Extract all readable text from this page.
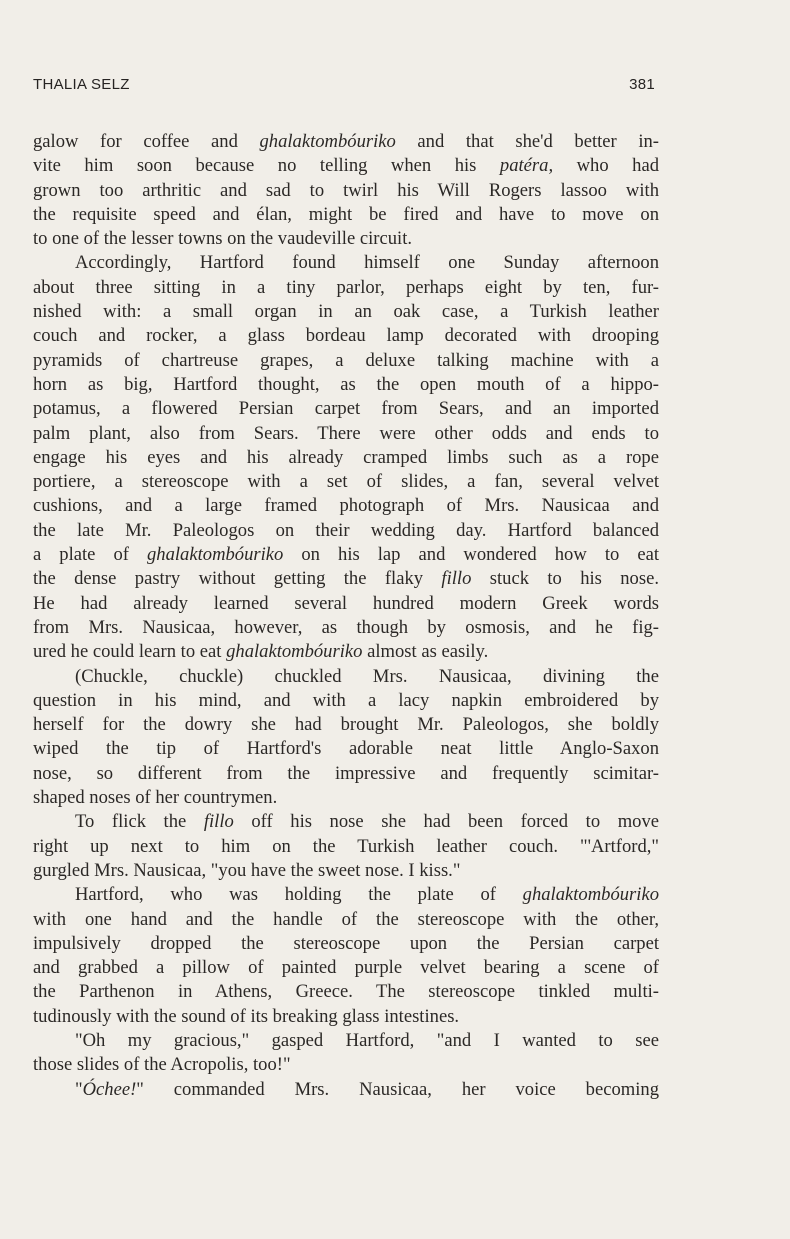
THALIA SELZ	381

galow for coffee and ghalaktombóuriko and that she'd better in-
vite him soon because no telling when his patéra, who had
grown too arthritic and sad to twirl his Will Rogers lassoo with
the requisite speed and élan, might be fired and have to move on
to one of the lesser towns on the vaudeville circuit.

Accordingly, Hartford found himself one Sunday afternoon
about three sitting in a tiny parlor, perhaps eight by ten, fur-
nished with: a small organ in an oak case, a Turkish leather
couch and rocker, a glass bordeau lamp decorated with drooping
pyramids of chartreuse grapes, a deluxe talking machine with a
horn as big, Hartford thought, as the open mouth of a hippo-
potamus, a flowered Persian carpet from Sears, and an imported
palm plant, also from Sears. There were other odds and ends to
engage his eyes and his already cramped limbs such as a rope
portiere, a stereoscope with a set of slides, a fan, several velvet
cushions, and a large framed photograph of Mrs. Nausicaa and
the late Mr. Paleologos on their wedding day. Hartford balanced
a plate of ghalaktombóuriko on his lap and wondered how to eat
the dense pastry without getting the flaky fillo stuck to his nose.
He had already learned several hundred modern Greek words
from Mrs. Nausicaa, however, as though by osmosis, and he fig-
ured he could learn to eat ghalaktombóuriko almost as easily.

(Chuckle, chuckle) chuckled Mrs. Nausicaa, divining the
question in his mind, and with a lacy napkin embroidered by
herself for the dowry she had brought Mr. Paleologos, she boldly
wiped the tip of Hartford's adorable neat little Anglo-Saxon
nose, so different from the impressive and frequently scimitar-
shaped noses of her countrymen.

To flick the fillo off his nose she had been forced to move
right up next to him on the Turkish leather couch. "'Artford,"
gurgled Mrs. Nausicaa, "you have the sweet nose. I kiss."

Hartford, who was holding the plate of ghalaktombóuriko
with one hand and the handle of the stereoscope with the other,
impulsively dropped the stereoscope upon the Persian carpet
and grabbed a pillow of painted purple velvet bearing a scene of
the Parthenon in Athens, Greece. The stereoscope tinkled multi-
tudinously with the sound of its breaking glass intestines.

"Oh my gracious," gasped Hartford, "and I wanted to see
those slides of the Acropolis, too!"

"Óchee!" commanded Mrs. Nausicaa, her voice becoming
